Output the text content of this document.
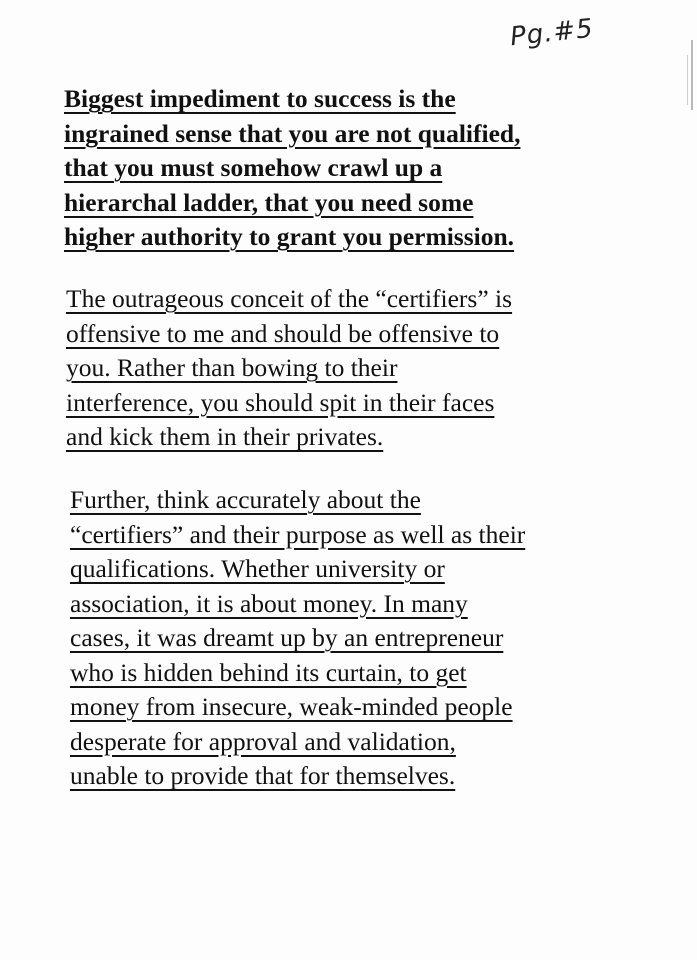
Pg.#5

Biggest impediment to success is the
ingrained sense that you are not qualified,
that you must somehow crawl up a
hierarchal ladder, that you need some
higher authority to grant you permission.

The outrageous conceit of the “certifiers” is
offensive to me and should be offensive to
you. Rather than bowing to their
interference, you should spit in their faces
and kick them in their privates.

Further, think accurately about the
“certifiers” and their purpose as well as their
qualifications. Whether university or
association, it is about money. In many
cases, it was dreamt up by an entrepreneur
who is hidden behind its curtain, to get
money from insecure, weak-minded people
desperate for approval and validation,
unable to provide that for themselves.
